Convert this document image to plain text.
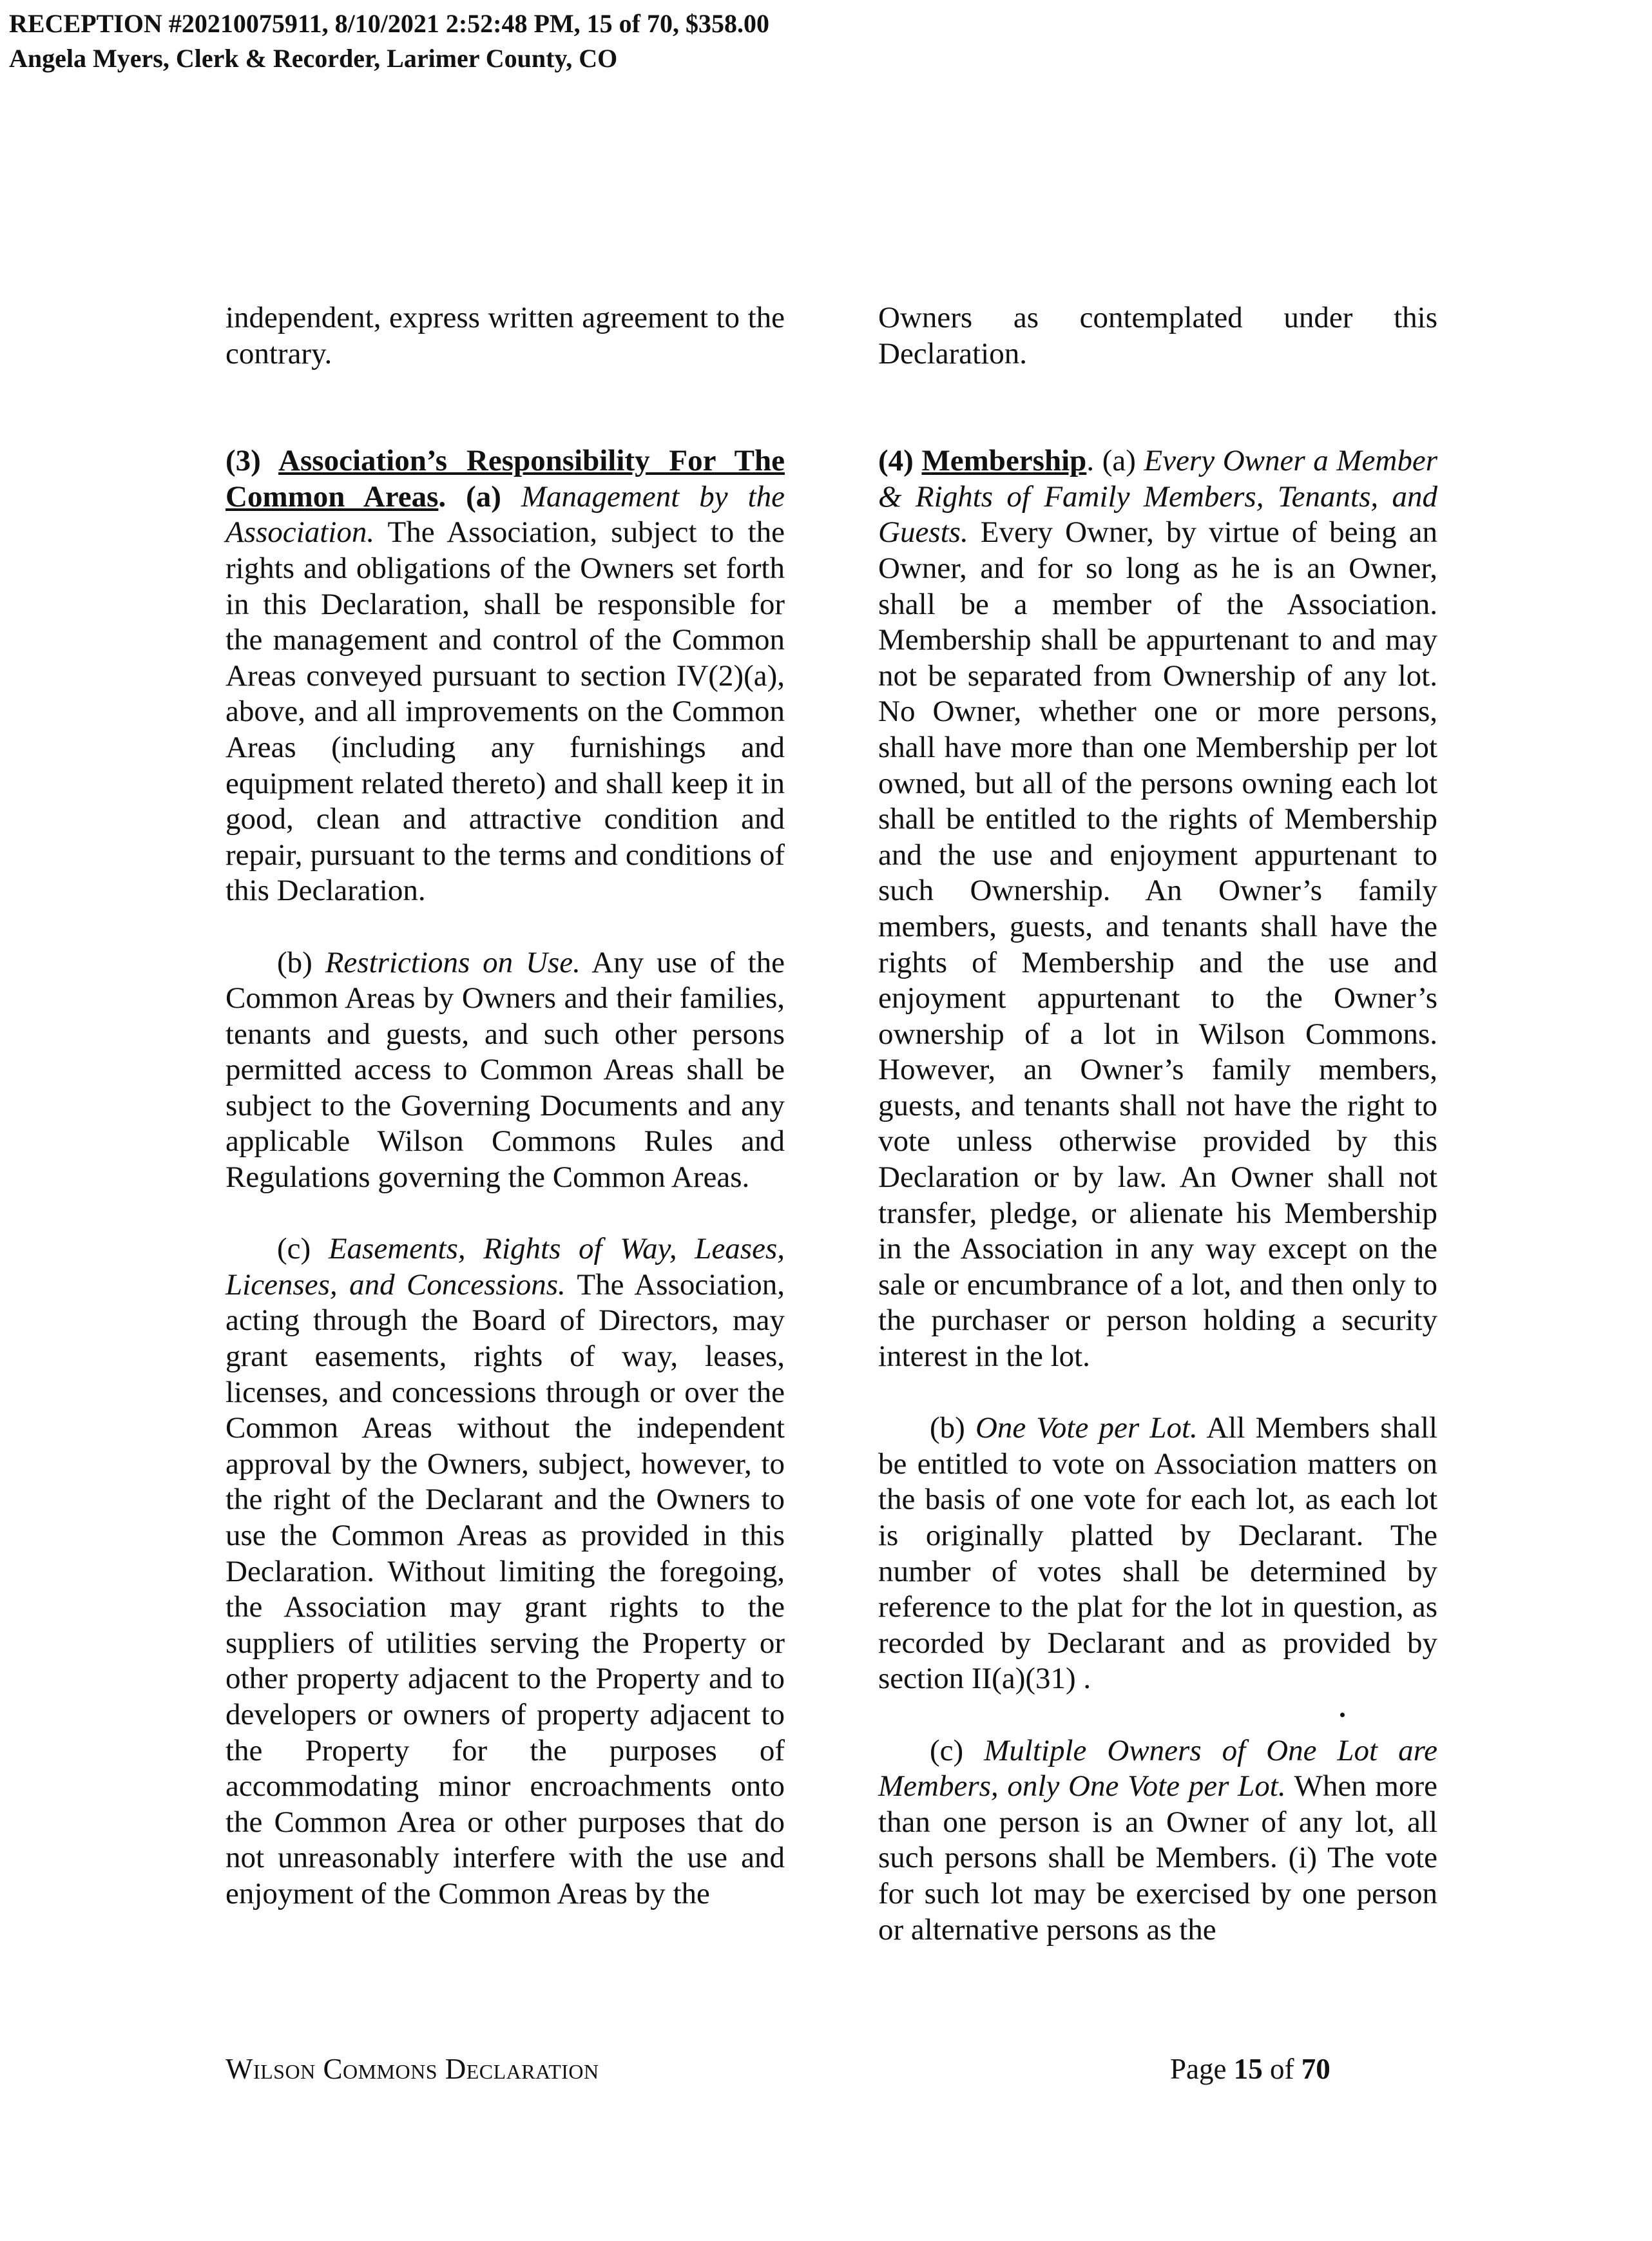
RECEPTION #20210075911, 8/10/2021 2:52:48 PM, 15 of 70, $358.00
Angela Myers, Clerk & Recorder, Larimer County, CO

independent, express written agreement to the contrary.

(3) Association’s Responsibility For The Common Areas. (a) Management by the Association. The Association, subject to the rights and obligations of the Owners set forth in this Declaration, shall be responsible for the management and control of the Common Areas conveyed pursuant to section IV(2)(a), above, and all improvements on the Common Areas (including any furnishings and equipment related thereto) and shall keep it in good, clean and attractive condition and repair, pursuant to the terms and conditions of this Declaration.

(b) Restrictions on Use. Any use of the Common Areas by Owners and their families, tenants and guests, and such other persons permitted access to Common Areas shall be subject to the Governing Documents and any applicable Wilson Commons Rules and Regulations governing the Common Areas.

(c) Easements, Rights of Way, Leases, Licenses, and Concessions. The Association, acting through the Board of Directors, may grant easements, rights of way, leases, licenses, and concessions through or over the Common Areas without the independent approval by the Owners, subject, however, to the right of the Declarant and the Owners to use the Common Areas as provided in this Declaration. Without limiting the foregoing, the Association may grant rights to the suppliers of utilities serving the Property or other property adjacent to the Property and to developers or owners of property adjacent to the Property for the purposes of accommodating minor encroachments onto the Common Area or other purposes that do not unreasonably interfere with the use and enjoyment of the Common Areas by the

Owners as contemplated under this Declaration.

(4) Membership. (a) Every Owner a Member & Rights of Family Members, Tenants, and Guests. Every Owner, by virtue of being an Owner, and for so long as he is an Owner, shall be a member of the Association. Membership shall be appurtenant to and may not be separated from Ownership of any lot. No Owner, whether one or more persons, shall have more than one Membership per lot owned, but all of the persons owning each lot shall be entitled to the rights of Membership and the use and enjoyment appurtenant to such Ownership. An Owner’s family members, guests, and tenants shall have the rights of Membership and the use and enjoyment appurtenant to the Owner’s ownership of a lot in Wilson Commons. However, an Owner’s family members, guests, and tenants shall not have the right to vote unless otherwise provided by this Declaration or by law. An Owner shall not transfer, pledge, or alienate his Membership in the Association in any way except on the sale or encumbrance of a lot, and then only to the purchaser or person holding a security interest in the lot.

(b) One Vote per Lot. All Members shall be entitled to vote on Association matters on the basis of one vote for each lot, as each lot is originally platted by Declarant. The number of votes shall be determined by reference to the plat for the lot in question, as recorded by Declarant and as provided by section II(a)(31) .

(c) Multiple Owners of One Lot are Members, only One Vote per Lot. When more than one person is an Owner of any lot, all such persons shall be Members. (i) The vote for such lot may be exercised by one person or alternative persons as the

Wilson Commons Declaration	Page 15 of 70
